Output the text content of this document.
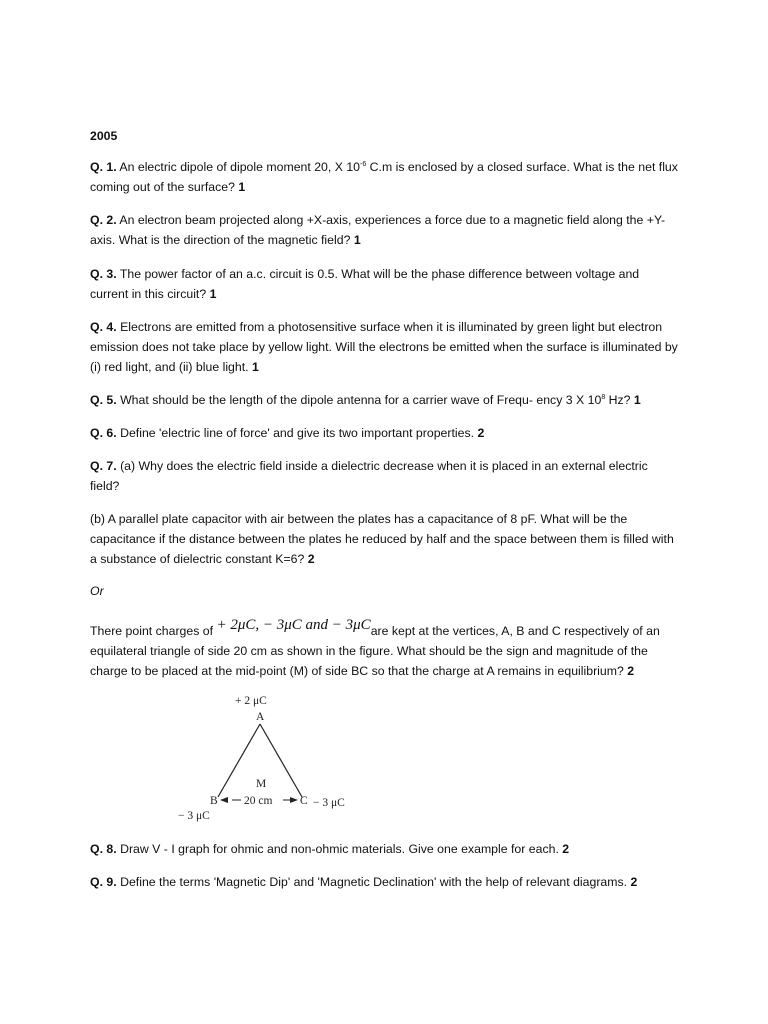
2005
Q. 1. An electric dipole of dipole moment 20, X $10^{-6}$ C.m is enclosed by a closed surface. What is the net flux coming out of the surface? 1
Q. 2. An electron beam projected along +X-axis, experiences a force due to a magnetic field along the +Y-axis. What is the direction of the magnetic field? 1
Q. 3. The power factor of an a.c. circuit is 0.5. What will be the phase difference between voltage and current in this circuit? 1
Q. 4. Electrons are emitted from a photosensitive surface when it is illuminated by green light but electron emission does not take place by yellow light. Will the electrons be emitted when the surface is illuminated by (i) red light, and (ii) blue light. 1
Q. 5. What should be the length of the dipole antenna for a carrier wave of Frequ- ency 3 X $10^8$ Hz? 1
Q. 6. Define 'electric line of force' and give its two important properties. 2
Q. 7. (a) Why does the electric field inside a dielectric decrease when it is placed in an external electric field?
(b) A parallel plate capacitor with air between the plates has a capacitance of 8 pF. What will be the capacitance if the distance between the plates he reduced by half and the space between them is filled with a substance of dielectric constant K=6? 2
Or
There point charges of + 2μC, − 3μC and − 3μCare kept at the vertices, A, B and C respectively of an equilateral triangle of side 20 cm as shown in the figure. What should be the sign and magnitude of the charge to be placed at the mid-point (M) of side BC so that the charge at A remains in equilibrium? 2
+ 2 μC
A
M
B 20 cm C − 3 μC
− 3 μC
Q. 8. Draw V - I graph for ohmic and non-ohmic materials. Give one example for each. 2
Q. 9. Define the terms 'Magnetic Dip' and 'Magnetic Declination' with the help of relevant diagrams. 2
